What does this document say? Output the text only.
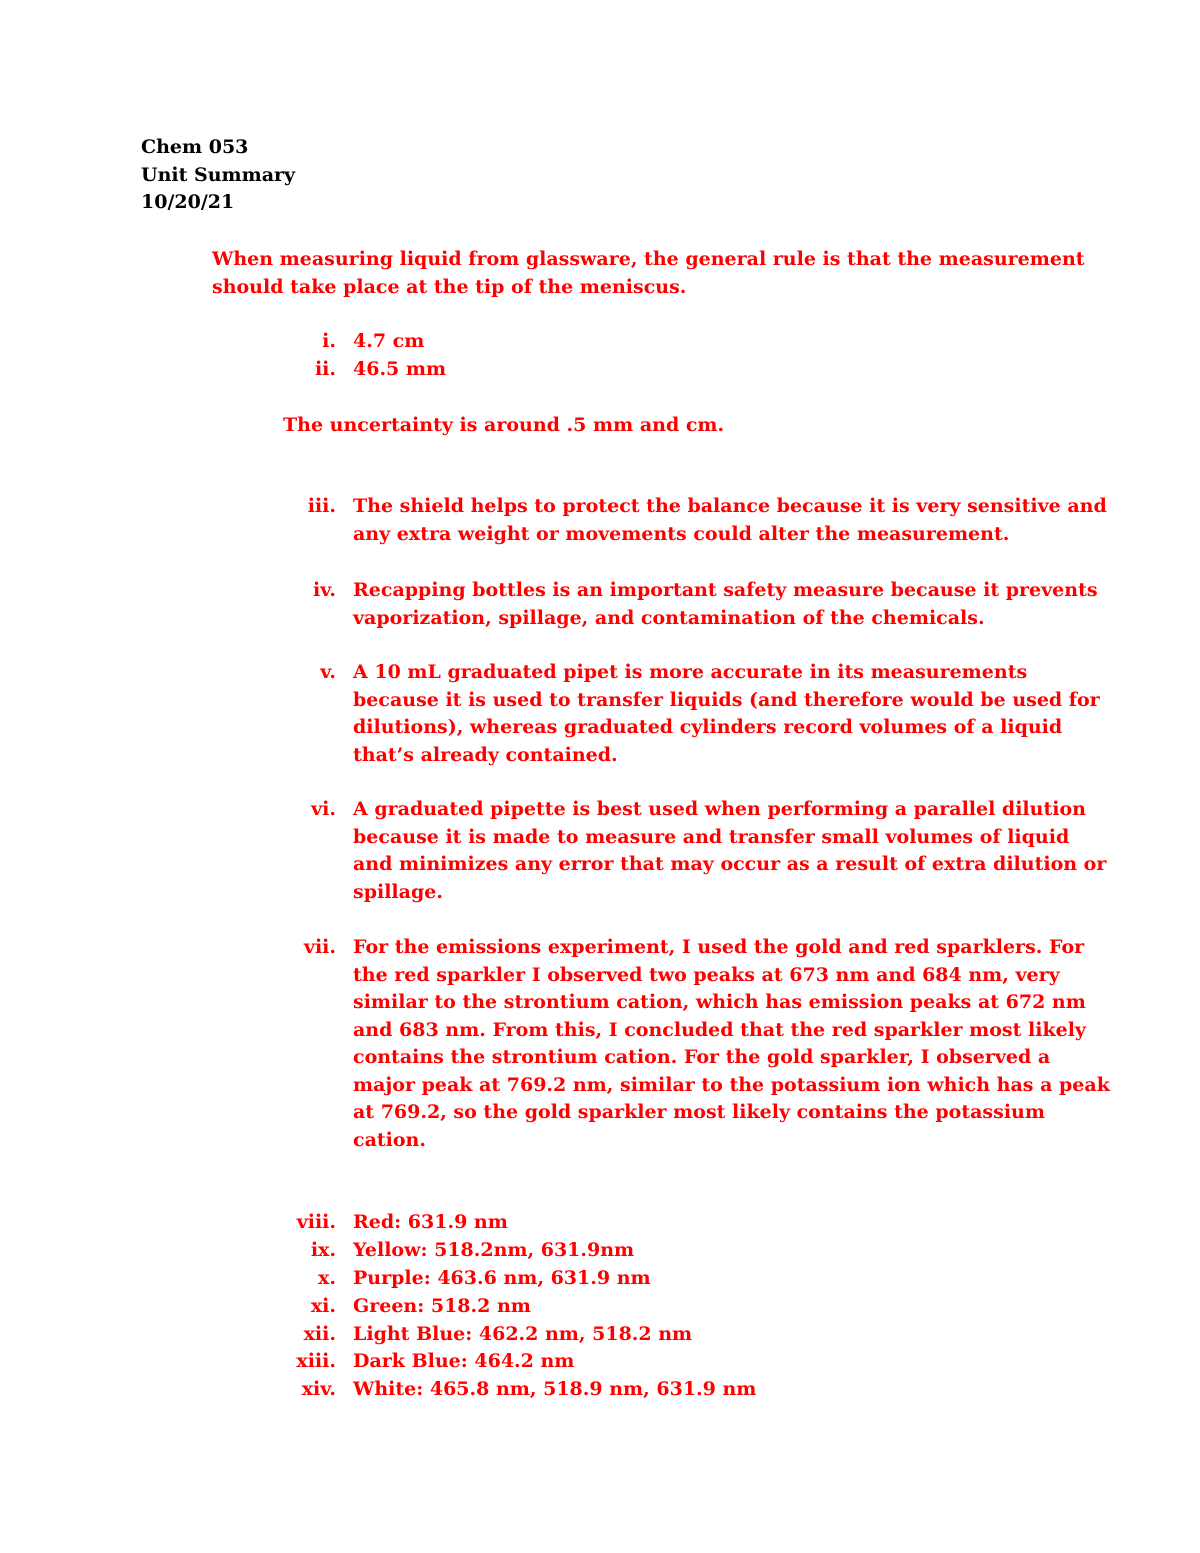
Chem 053
Unit Summary
10/20/21
When measuring liquid from glassware, the general rule is that the measurement
should take place at the tip of the meniscus.
i. 4.7 cm
ii. 46.5 mm
The uncertainty is around .5 mm and cm.
iii. The shield helps to protect the balance because it is very sensitive and
any extra weight or movements could alter the measurement.
iv. Recapping bottles is an important safety measure because it prevents
vaporization, spillage, and contamination of the chemicals.
v. A 10 mL graduated pipet is more accurate in its measurements
because it is used to transfer liquids (and therefore would be used for
dilutions), whereas graduated cylinders record volumes of a liquid
that’s already contained.
vi. A graduated pipette is best used when performing a parallel dilution
because it is made to measure and transfer small volumes of liquid
and minimizes any error that may occur as a result of extra dilution or
spillage.
vii. For the emissions experiment, I used the gold and red sparklers. For
the red sparkler I observed two peaks at 673 nm and 684 nm, very
similar to the strontium cation, which has emission peaks at 672 nm
and 683 nm. From this, I concluded that the red sparkler most likely
contains the strontium cation. For the gold sparkler, I observed a
major peak at 769.2 nm, similar to the potassium ion which has a peak
at 769.2, so the gold sparkler most likely contains the potassium
cation.
viii. Red: 631.9 nm
ix. Yellow: 518.2nm, 631.9nm
x. Purple: 463.6 nm, 631.9 nm
xi. Green: 518.2 nm
xii. Light Blue: 462.2 nm, 518.2 nm
xiii. Dark Blue: 464.2 nm
xiv. White: 465.8 nm, 518.9 nm, 631.9 nm
